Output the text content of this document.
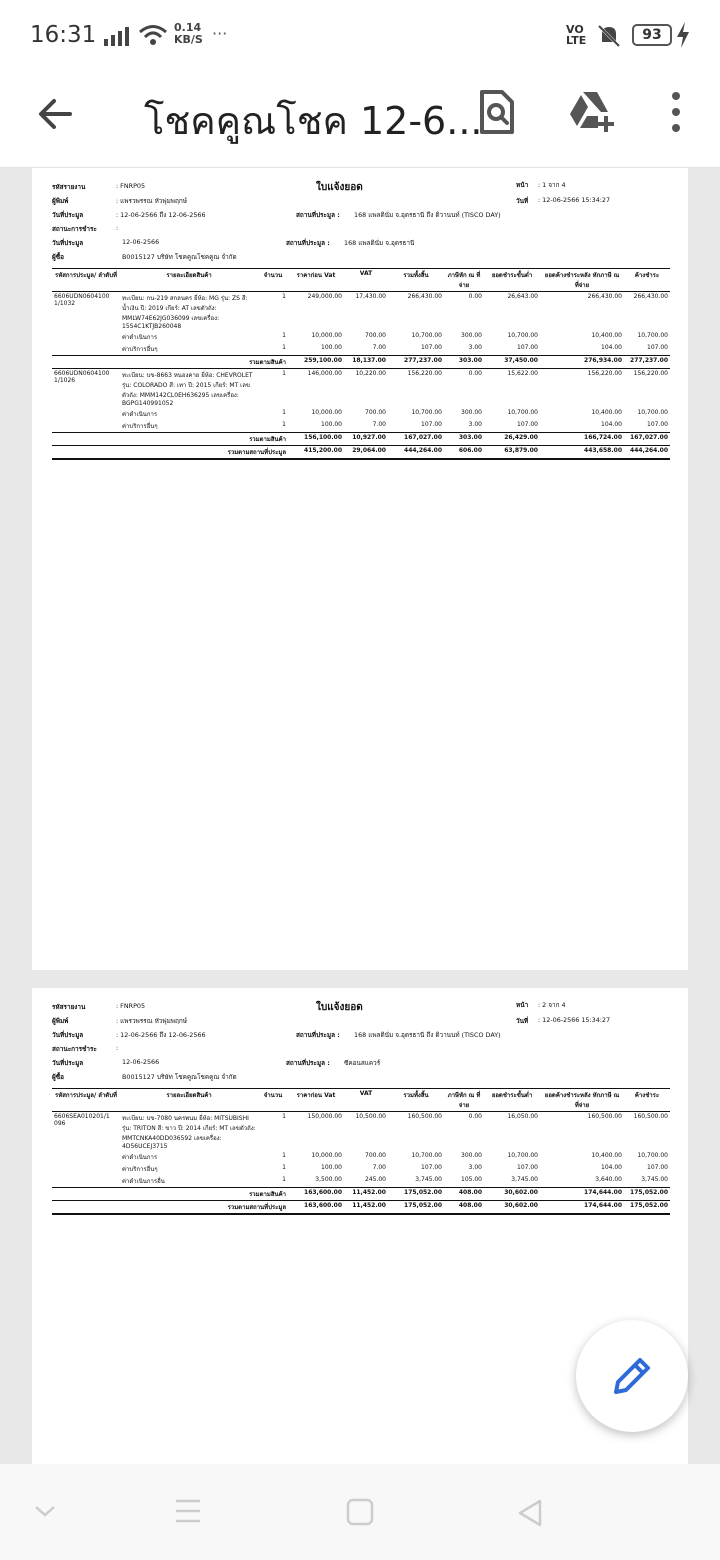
16:31	0.14
KB/S ···	VO
LTE	93
โชคคูณโชค 12-6...
รหัสรายงาน	: FNRP05	ใบแจ้งยอด	หน้า : 1 จาก 4
ผู้พิมพ์	: แพรวพรรณ หัวพุ่มพฤกษ์	วันที่ : 12-06-2566 15:34:27
วันที่ประมูล	: 12-06-2566 ถึง 12-06-2566	สถานที่ประมูล : 168 แพลตินั่ม จ.อุดรธานี ถึง ติวานนท์ (TISCO DAY)
สถานะการชำระ	:
วันที่ประมูล	12-06-2566	สถานที่ประมูล : 168 แพลตินั่ม จ.อุดรธานี
ผู้ซื้อ	B0015127 บริษัท โชคคูณโชคคูณ จำกัด
รหัสการประมูล/ ลำดับที่	รายละเอียดสินค้า	จำนวน	ราคาก่อน Vat	VAT	รวมทั้งสิ้น	ภาษีหัก ณ ที่จ่าย	ยอดชำระขั้นต่ำ	ยอดค้างชำระหลัง หักภาษี ณ ที่จ่าย	ค้างชำระ
6606UDN0604100 1/1032	ทะเบียน: กน-219 สกลนคร ยี่ห้อ: MG รุ่น: ZS สี: น้ำเงิน ปี: 2019 เกียร์: AT เลขตัวถัง: MMLW74E62JG036099 เลขเครื่อง: 15S4C1KTJB260048	1	249,000.00	17,430.00	266,430.00	0.00	26,643.00	266,430.00	266,430.00
	ค่าดำเนินการ	1	10,000.00	700.00	10,700.00	300.00	10,700.00	10,400.00	10,700.00
	ค่าบริการอื่นๆ	1	100.00	7.00	107.00	3.00	107.00	104.00	107.00
	รวมตามสินค้า		259,100.00	18,137.00	277,237.00	303.00	37,450.00	276,934.00	277,237.00
6606UDN0604100 1/1026	ทะเบียน: บข-8663 หนองคาย ยี่ห้อ: CHEVROLET รุ่น: COLORADO สี: เทา ปี: 2015 เกียร์: MT เลขตัวถัง: MMM142CL0EH636295 เลขเครื่อง: BGPG140991052	1	146,000.00	10,220.00	156,220.00	0.00	15,622.00	156,220.00	156,220.00
	ค่าดำเนินการ	1	10,000.00	700.00	10,700.00	300.00	10,700.00	10,400.00	10,700.00
	ค่าบริการอื่นๆ	1	100.00	7.00	107.00	3.00	107.00	104.00	107.00
	รวมตามสินค้า		156,100.00	10,927.00	167,027.00	303.00	26,429.00	166,724.00	167,027.00
	รวมตามสถานที่ประมูล		415,200.00	29,064.00	444,264.00	606.00	63,879.00	443,658.00	444,264.00
รหัสรายงาน	: FNRP05	ใบแจ้งยอด	หน้า : 2 จาก 4
ผู้พิมพ์	: แพรวพรรณ หัวพุ่มพฤกษ์	วันที่ : 12-06-2566 15:34:27
วันที่ประมูล	: 12-06-2566 ถึง 12-06-2566	สถานที่ประมูล : 168 แพลตินั่ม จ.อุดรธานี ถึง ติวานนท์ (TISCO DAY)
สถานะการชำระ	:
วันที่ประมูล	12-06-2566	สถานที่ประมูล : ซีคอนสแควร์
ผู้ซื้อ	B0015127 บริษัท โชคคูณโชคคูณ จำกัด
รหัสการประมูล/ ลำดับที่	รายละเอียดสินค้า	จำนวน	ราคาก่อน Vat	VAT	รวมทั้งสิ้น	ภาษีหัก ณ ที่จ่าย	ยอดชำระขั้นต่ำ	ยอดค้างชำระหลัง หักภาษี ณ ที่จ่าย	ค้างชำระ
6606SEA010201/1 096	ทะเบียน: บข-7080 นครพนม ยี่ห้อ: MITSUBISHI รุ่น: TRITON สี: ขาว ปี: 2014 เกียร์: MT เลขตัวถัง: MMTCNKA40DD036592 เลขเครื่อง: 4D56UCEJ3715	1	150,000.00	10,500.00	160,500.00	0.00	16,050.00	160,500.00	160,500.00
	ค่าดำเนินการ	1	10,000.00	700.00	10,700.00	300.00	10,700.00	10,400.00	10,700.00
	ค่าบริการอื่นๆ	1	100.00	7.00	107.00	3.00	107.00	104.00	107.00
	ค่าดำเนินการอื่น	1	3,500.00	245.00	3,745.00	105.00	3,745.00	3,640.00	3,745.00
	รวมตามสินค้า		163,600.00	11,452.00	175,052.00	408.00	30,602.00	174,644.00	175,052.00
	รวมตามสถานที่ประมูล		163,600.00	11,452.00	175,052.00	408.00	30,602.00	174,644.00	175,052.00
